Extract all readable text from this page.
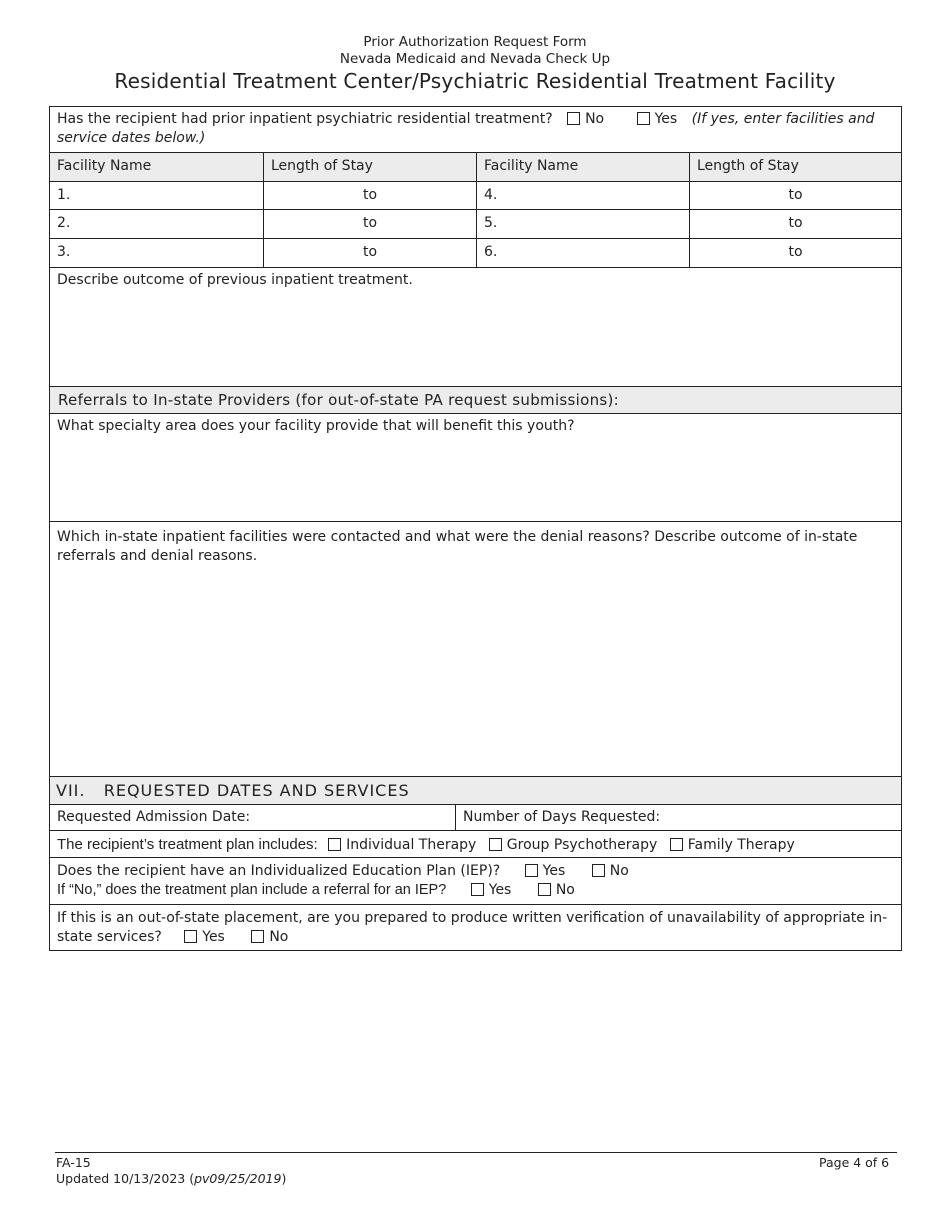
Prior Authorization Request Form
Nevada Medicaid and Nevada Check Up
Residential Treatment Center/Psychiatric Residential Treatment Facility
Has the recipient had prior inpatient psychiatric residential treatment? No	Yes (If yes, enter facilities and service dates below.)
Facility Name	Length of Stay	Facility Name	Length of Stay
1.	to	4.	to
2.	to	5.	to
3.	to	6.	to
Describe outcome of previous inpatient treatment.
Referrals to In-state Providers (for out-of-state PA request submissions):
What specialty area does your facility provide that will benefit this youth?
Which in-state inpatient facilities were contacted and what were the denial reasons? Describe outcome of in-state referrals and denial reasons.
VII.   REQUESTED DATES AND SERVICES
Requested Admission Date:	Number of Days Requested:
The recipient’s treatment plan includes: Individual Therapy Group Psychotherapy Family Therapy
Does the recipient have an Individualized Education Plan (IEP)?	Yes	No
If “No,” does the treatment plan include a referral for an IEP?	Yes	No
If this is an out-of-state placement, are you prepared to produce written verification of unavailability of appropriate in-state services?	Yes	No
FA-15
Updated 10/13/2023 (pv09/25/2019)
Page 4 of 6
